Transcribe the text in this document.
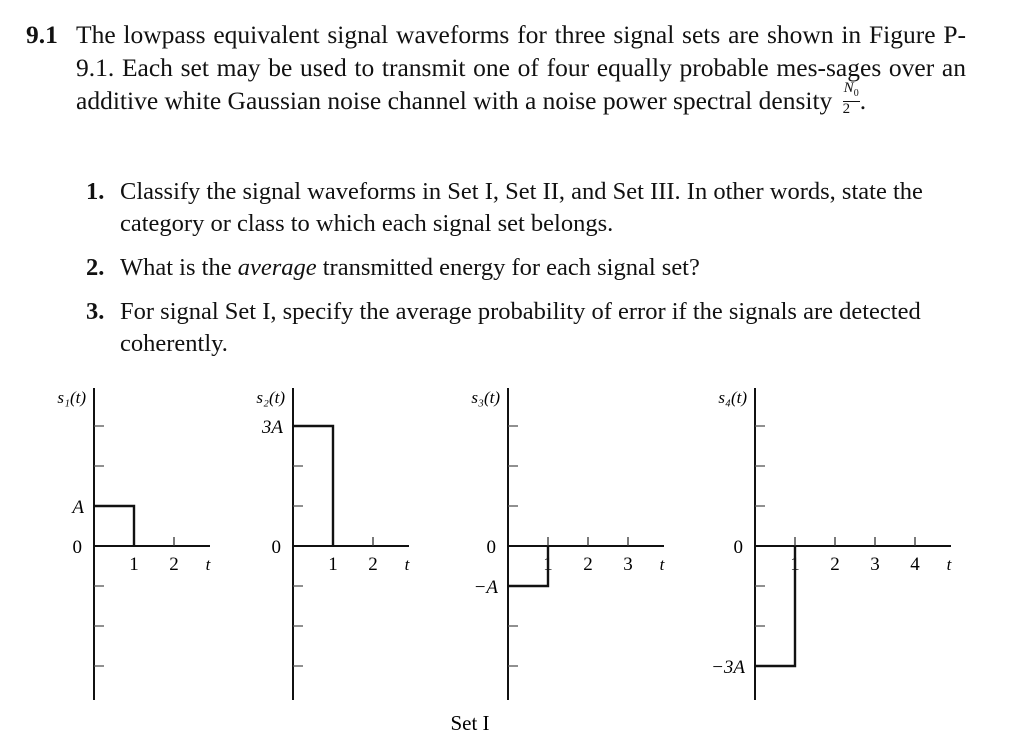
9.1 The lowpass equivalent signal waveforms for three signal sets are shown in Figure P-9.1. Each set may be used to transmit one of four equally probable mes-sages over an additive white Gaussian noise channel with a noise power spectral density $\frac{N_0}{2}$ .
1. Classify the signal waveforms in Set I, Set II, and Set III. In other words, state the category or class to which each signal set belongs.
2. What is the average transmitted energy for each signal set?
3. For signal Set I, specify the average probability of error if the signals are detected coherently.
1 2 t
s₁(t)
0
A
1 2 t
s₂(t)
0
3A
1 2 3 t
s₃(t)
0
−A
1 2 3 4 t
s₄(t)
0
−3A
Set I
